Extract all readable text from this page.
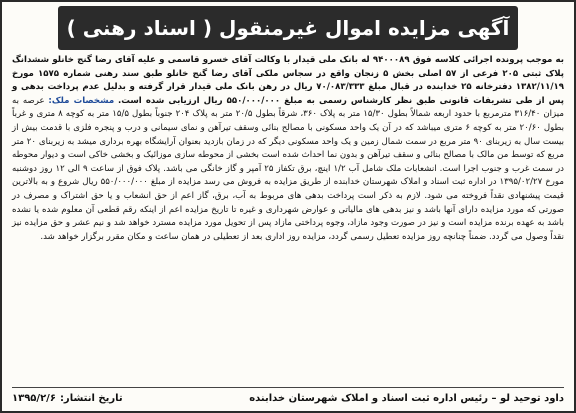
آگهی مزایده اموال غیرمنقول ( اسناد رهنی )
به موجب پرونده اجرائی کلاسه فوق ۹۴۰۰۰۸۹ له بانک ملی قیدار با وکالت آقای خسرو قاسمی و علیه آقای رضا گنج خانلو ششدانگ پلاک ثبتی ۲۰۵ فرعی از ۵۷ اصلی بخش ۵ زنجان واقع در سجاس ملکی آقای رضا گنج خانلو طبق سند رهنی شماره ۱۵۷۵ مورخ ۱۳۸۲/۱۱/۱۹ دفترخانه ۲۵ خدابنده در قبال مبلغ ۷۰/۰۸۳/۳۳۳ ریال در رهن بانک ملی قیدار قرار گرفته و بدلیل عدم پرداخت بدهی و پس از طی تشریفات قانونی طبق نظر کارشناس رسمی به مبلغ ۵۵۰/۰۰۰/۰۰۰ ریال ارزیابی شده است. مشخصات ملک: عرصه به میزان ۳۱۶/۴۰ مترمربع با حدود اربعه شمالاً بطول ۱۵/۳۰ متر به پلاک ۳۶۰، شرقاً بطول ۲۰/۵ متر به پلاک ۲۰۴ جنوباً بطول ۱۵/۵ متر به کوچه ۸ متری و غرباً بطول ۲۰/۶۰ متر به کوچه ۶ متری میباشد که در آن یک واحد مسکونی با مصالح بنائی وسقف تیرآهن و نمای سیمانی و درب و پنجره فلزی با قدمت بیش از بیست سال به زیربنای ۹۰ متر مربع در سمت شمال زمین و یک واحد مسکونی دیگر که در زمان بازدید بعنوان آرایشگاه بهره برداری میشد به زیربنای ۲۰ متر مربع که توسط من مالک با مصالح بنائی و سقف تیرآهن و بدون نما احداث شده است بخشی از محوطه سازی موزائیک و بخشی خاکی است و دیوار محوطه در سمت غرب و جنوب اجرا است. انشعابات ملک شامل آب ۱/۲ اینچ، برق تکفاز ۲۵ آمپر و گاز خانگی می باشد. پلاک فوق از ساعت ۹ الی ۱۲ روز دوشنبه مورخ ۱۳۹۵/۰۲/۲۷ در اداره ثبت اسناد و املاک شهرستان خدابنده از طریق مزایده به فروش می رسد مزایده از مبلغ ۵۵۰/۰۰۰/۰۰۰ ریال شروع و به بالاترین قیمت پیشنهادی نقداً فروخته می شود. لازم به ذکر است پرداخت بدهی های مربوط به آب، برق، گاز اعم از حق انشعاب و یا حق اشتراک و مصرف در صورتی که مورد مزایده دارای آنها باشد و نیز بدهی های مالیاتی و عوارض شهرداری و غیره تا تاریخ مزایده اعم از اینکه رقم قطعی آن معلوم شده یا نشده باشد به عهده برنده مزایده است و نیز در صورت وجود مازاد، وجوه پرداختی مازاد پس از تحویل مورد مزایده مسترد خواهد شد و نیم عشر و حق مزایده نیز نقداً وصول می گردد. ضمناً چنانچه روز مزایده تعطیل رسمی گردد، مزایده روز اداری بعد از تعطیلی در همان ساعت و مکان مقرر برگزار خواهد شد.
داود توحید لو – رئیس اداره ثبت اسناد و املاک شهرستان خدابنده
تاریخ انتشار:
۱۳۹۵/۲/۶
